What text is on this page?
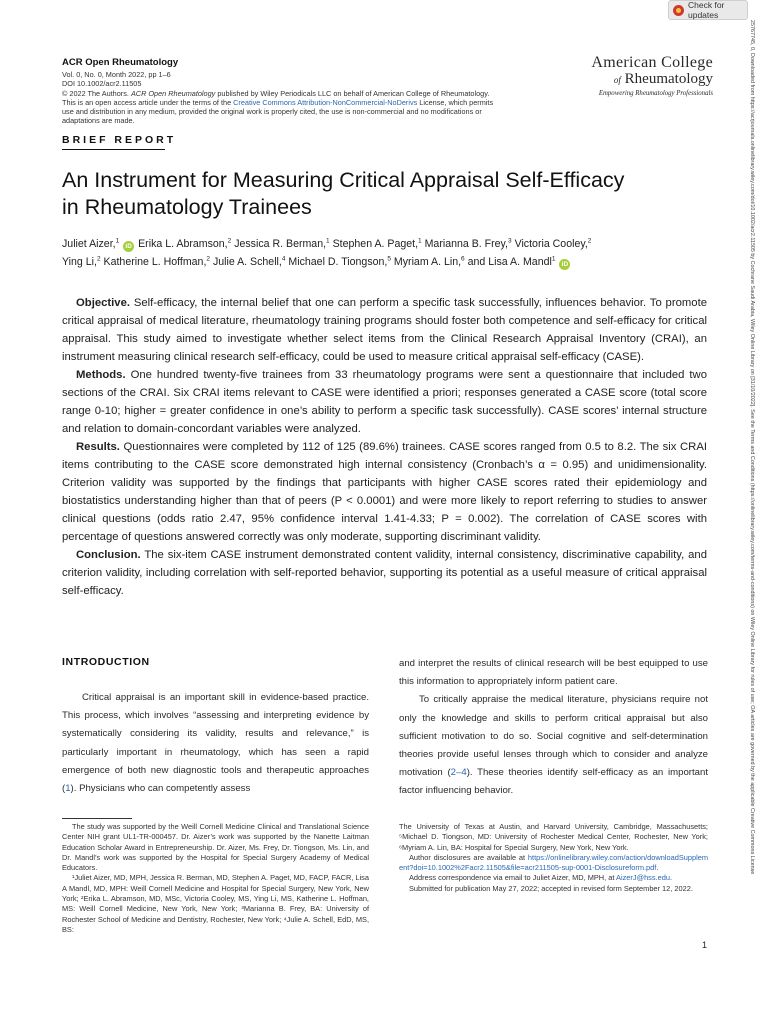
Check for updates
25767745, 0, Downloaded from https://acrjournals.onlinelibrary.wiley.com/doi/10.1002/acr2.11505 by Cochrane Saudi Arabia, Wiley Online Library on [31/10/2022]. See the Terms and Conditions (https://onlinelibrary.wiley.com/terms-and-conditions) on Wiley Online Library for rules of use; OA articles are governed by the applicable Creative Commons License
ACR Open Rheumatology
Vol. 0, No. 0, Month 2022, pp 1–6
DOI 10.1002/acr2.11505
© 2022 The Authors. ACR Open Rheumatology published by Wiley Periodicals LLC on behalf of American College of Rheumatology.
This is an open access article under the terms of the Creative Commons Attribution-NonCommercial-NoDerivs License, which permits
use and distribution in any medium, provided the original work is properly cited, the use is non-commercial and no modifications or
adaptations are made.
American College
of Rheumatology
Empowering Rheumatology Professionals
BRIEF REPORT
An Instrument for Measuring Critical Appraisal Self-Efficacy
in Rheumatology Trainees
Juliet Aizer,$^1$ iD Erika L. Abramson,$^2$ Jessica R. Berman,$^1$ Stephen A. Paget,$^1$ Marianna B. Frey,$^3$ Victoria Cooley,$^2$
Ying Li,$^2$ Katherine L. Hoffman,$^2$ Julie A. Schell,$^4$ Michael D. Tiongson,$^5$ Myriam A. Lin,$^6$ and Lisa A. Mandl$^1$ iD

Objective. Self-efficacy, the internal belief that one can perform a specific task successfully, influences behavior. To promote critical appraisal of medical literature, rheumatology training programs should foster both competence and self-efficacy for critical appraisal. This study aimed to investigate whether select items from the Clinical Research Appraisal Inventory (CRAI), an instrument measuring clinical research self-efficacy, could be used to measure critical appraisal self-efficacy (CASE).

Methods. One hundred twenty-five trainees from 33 rheumatology programs were sent a questionnaire that included two sections of the CRAI. Six CRAI items relevant to CASE were identified a priori; responses generated a CASE score (total score range 0-10; higher = greater confidence in one’s ability to perform a specific task successfully). CASE scores’ internal structure and relation to domain-concordant variables were analyzed.

Results. Questionnaires were completed by 112 of 125 (89.6%) trainees. CASE scores ranged from 0.5 to 8.2. The six CRAI items contributing to the CASE score demonstrated high internal consistency (Cronbach’s α = 0.95) and unidimensionality. Criterion validity was supported by the findings that participants with higher CASE scores rated their epidemiology and biostatistics understanding higher than that of peers (P < 0.0001) and were more likely to report referring to studies to answer clinical questions (odds ratio 2.47, 95% confidence interval 1.41-4.33; P = 0.002). The correlation of CASE scores with percentage of questions answered correctly was only moderate, supporting discriminant validity.

Conclusion. The six-item CASE instrument demonstrated content validity, internal consistency, discriminative capability, and criterion validity, including correlation with self-reported behavior, supporting its potential as a useful measure of critical appraisal self-efficacy.

INTRODUCTION

Critical appraisal is an important skill in evidence-based practice. This process, which involves “assessing and interpreting evidence by systematically considering its validity, results and relevance,” is particularly important in rheumatology, which has seen a rapid emergence of both new diagnostic tools and therapeutic approaches (1). Physicians who can competently assess

and interpret the results of clinical research will be best equipped to use this information to appropriately inform patient care.

To critically appraise the medical literature, physicians require not only the knowledge and skills to perform critical appraisal but also sufficient motivation to do so. Social cognitive and self-determination theories provide useful lenses through which to consider and analyze motivation (2–4). These theories identify self-efficacy as an important factor influencing behavior.

The study was supported by the Weill Cornell Medicine Clinical and Translational Science Center NIH grant UL1-TR-000457. Dr. Aizer’s work was supported by the Nanette Laitman Education Scholar Award in Entrepreneurship. Dr. Aizer, Ms. Frey, Dr. Tiongson, Ms. Lin, and Dr. Mandl’s work was supported by the Hospital for Special Surgery Academy of Medical Educators.

¹Juliet Aizer, MD, MPH, Jessica R. Berman, MD, Stephen A. Paget, MD, FACP, FACR, Lisa A Mandl, MD, MPH: Weill Cornell Medicine and Hospital for Special Surgery, New York, New York; ²Erika L. Abramson, MD, MSc, Victoria Cooley, MS, Ying Li, MS, Katherine L. Hoffman, MS: Weill Cornell Medicine, New York, New York; ³Marianna B. Frey, BA: University of Rochester School of Medicine and Dentistry, Rochester, New York; ⁴Julie A. Schell, EdD, MS, BS:

The University of Texas at Austin, and Harvard University, Cambridge, Massachusetts; ⁵Michael D. Tiongson, MD: University of Rochester Medical Center, Rochester, New York; ⁶Myriam A. Lin, BA: Hospital for Special Surgery, New York, New York.

Author disclosures are available at https://onlinelibrary.wiley.com/action/downloadSupplement?doi=10.1002%2Facr2.11505&file=acr211505-sup-0001-Disclosureform.pdf.

Address correspondence via email to Juliet Aizer, MD, MPH, at AizerJ@hss.edu.

Submitted for publication May 27, 2022; accepted in revised form September 12, 2022.

1
